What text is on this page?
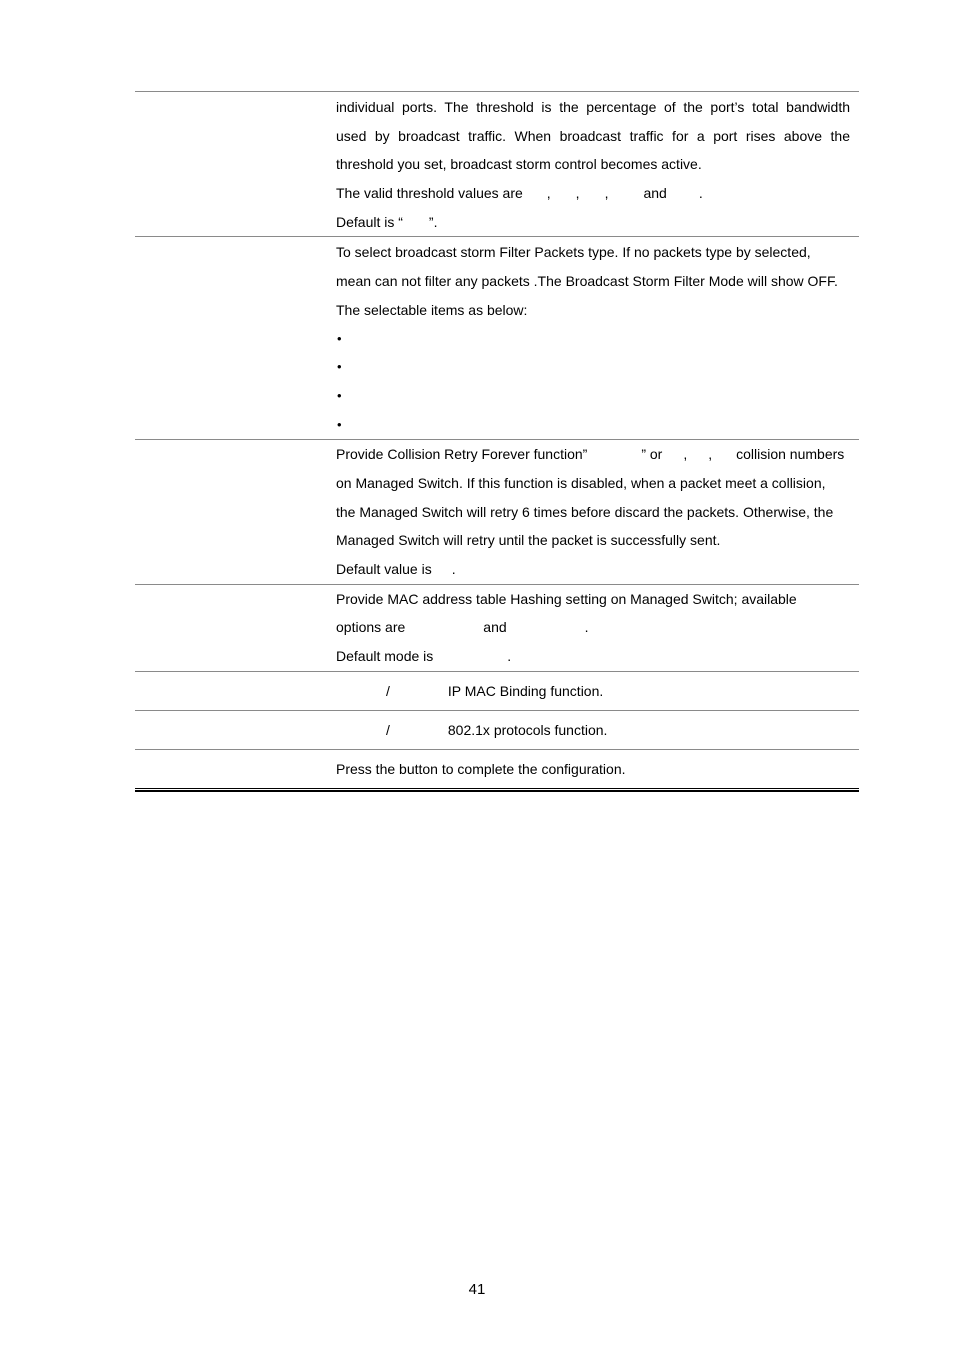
individual ports. The threshold is the percentage of the port’s total bandwidth
used by broadcast traffic. When broadcast traffic for a port rises above the
threshold you set, broadcast storm control becomes active.
The valid threshold values are , , ,	and .
Default is “ ”.
To select broadcast storm Filter Packets type. If no packets type by selected,
mean can not filter any packets .The Broadcast Storm Filter Mode will show OFF.
The selectable items as below:
•
•
•
•
Provide Collision Retry Forever function”	” or , , collision numbers
on Managed Switch. If this function is disabled, when a packet meet a collision,
the Managed Switch will retry 6 times before discard the packets. Otherwise, the
Managed Switch will retry until the packet is successfully sent.
Default value is .
Provide MAC address table Hashing setting on Managed Switch; available
options are	and	.
Default mode is	.
/	IP MAC Binding function.
/	802.1x protocols function.
Press the button to complete the configuration.
41
